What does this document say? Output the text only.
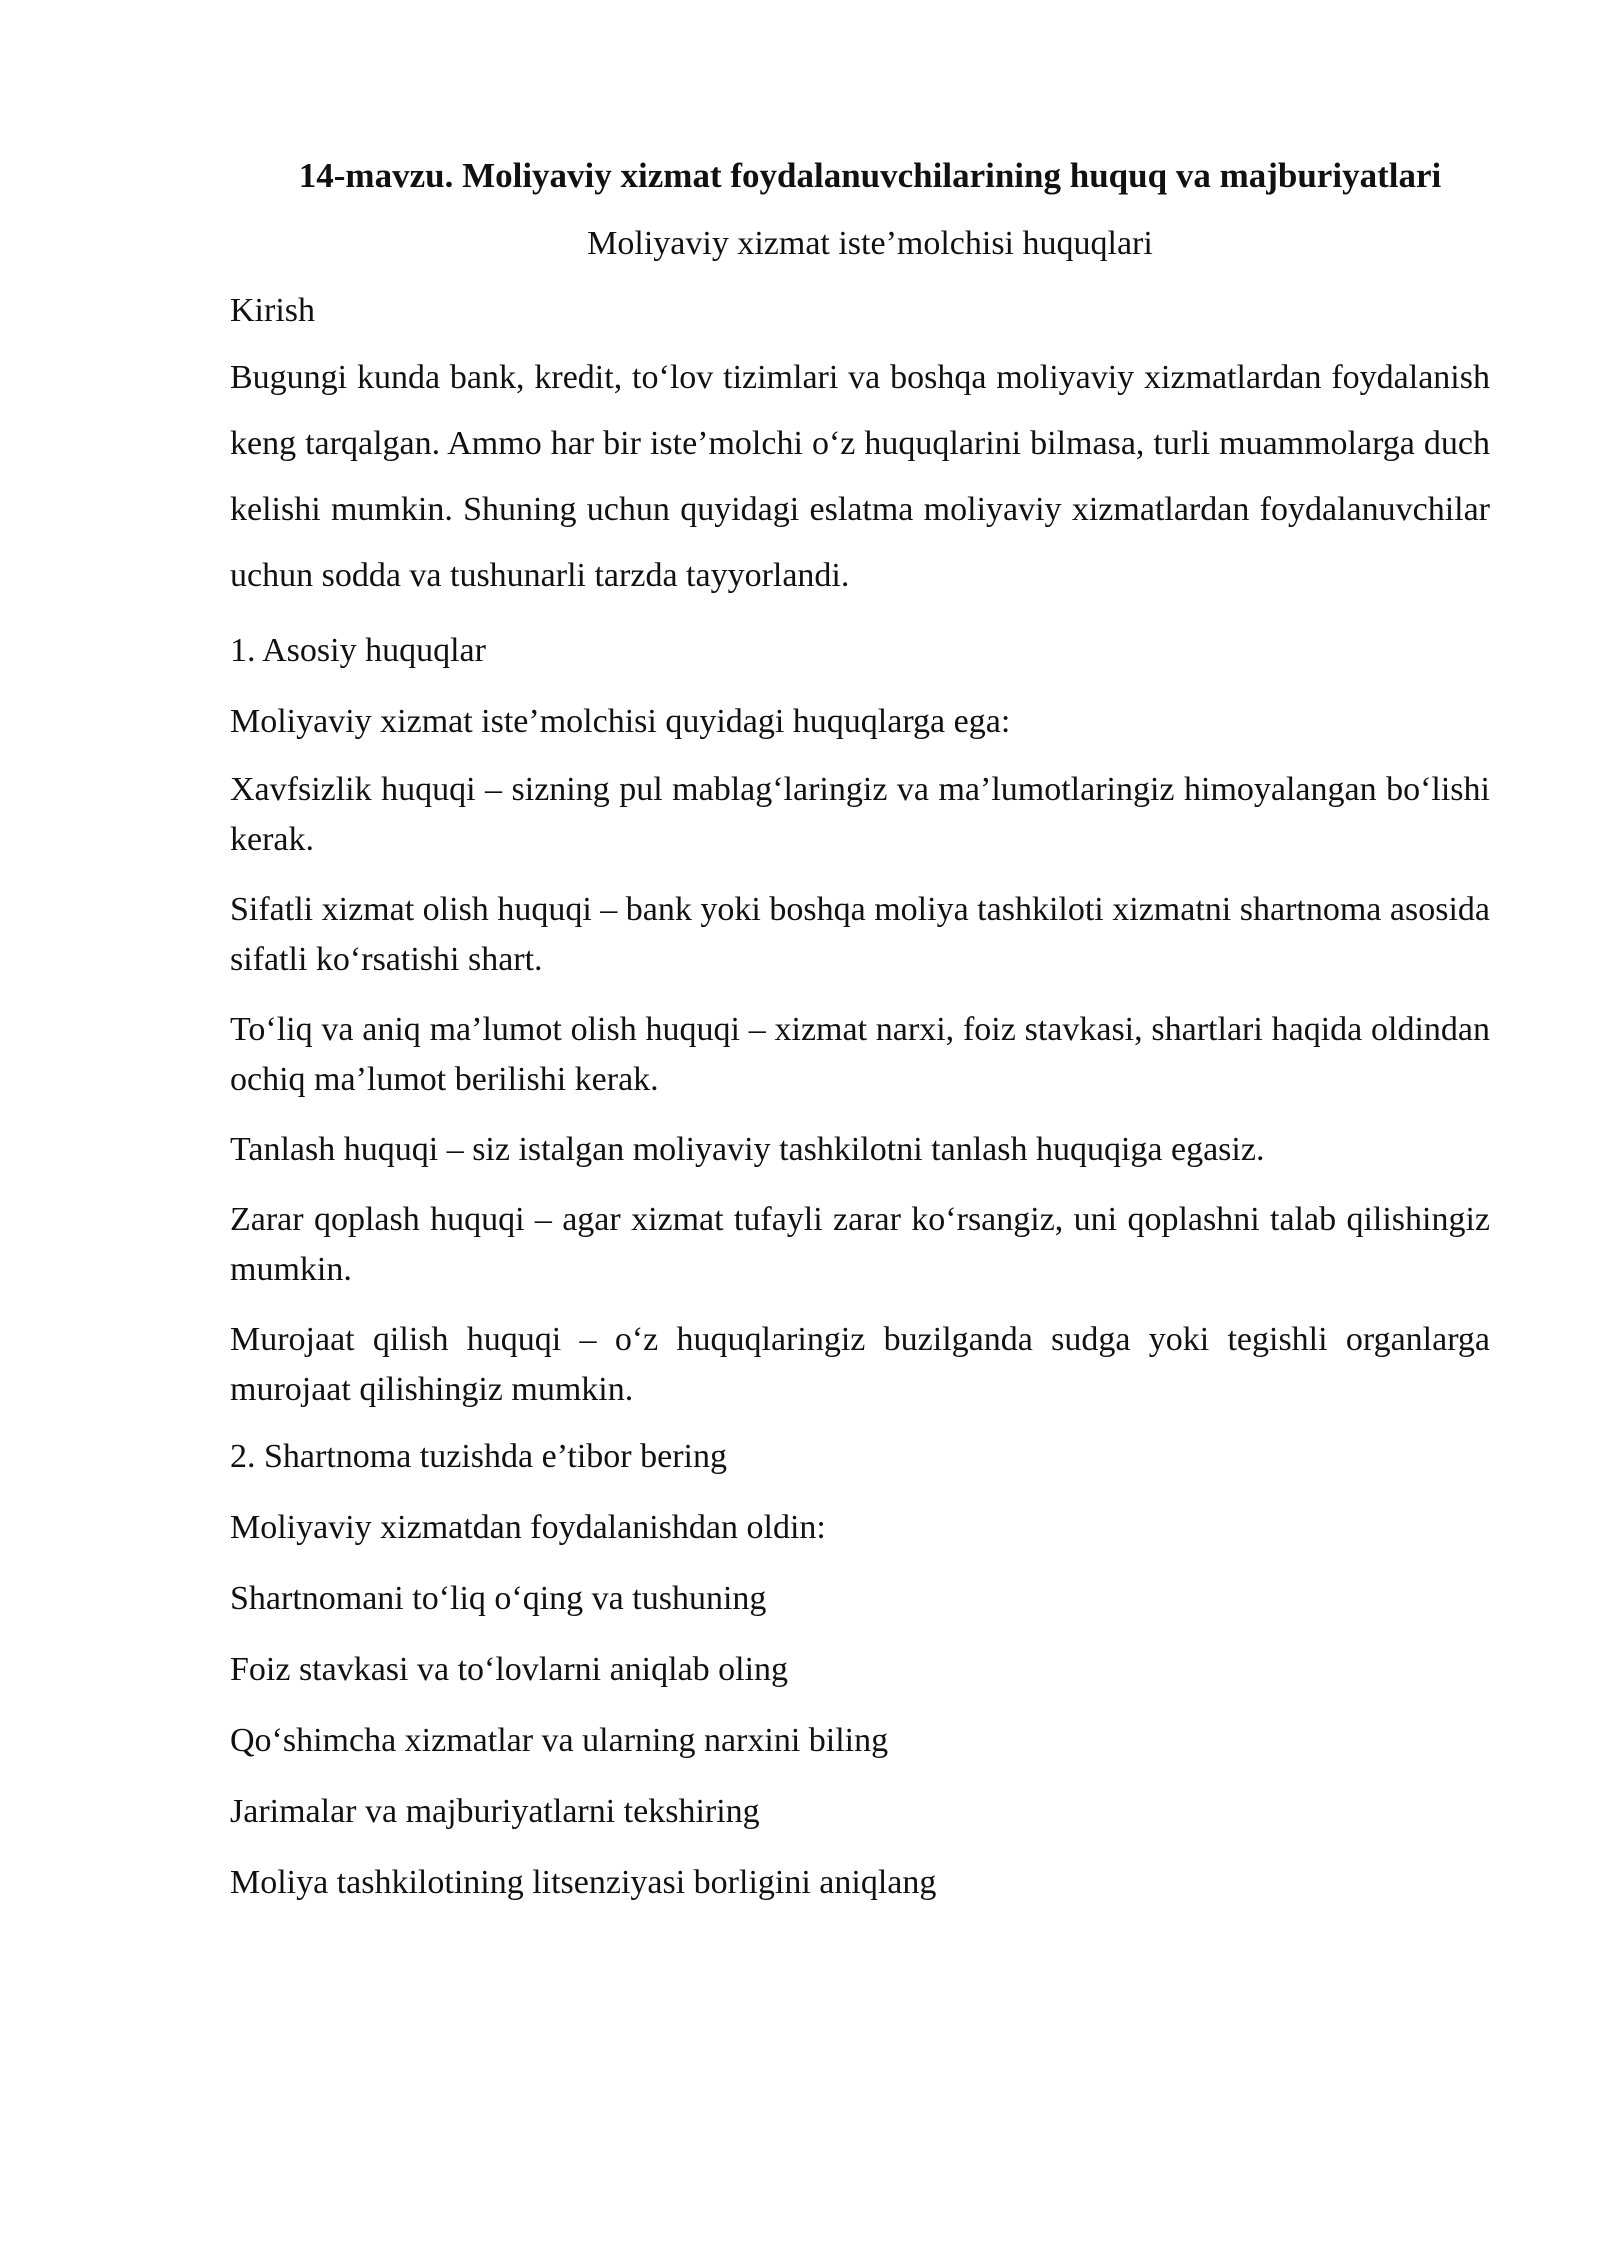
14-mavzu. Moliyaviy xizmat foydalanuvchilarining huquq va majburiyatlari

Moliyaviy xizmat iste’molchisi huquqlari

Kirish

Bugungi kunda bank, kredit, to‘lov tizimlari va boshqa moliyaviy xizmatlardan foydalanish keng tarqalgan. Ammo har bir iste’molchi o‘z huquqlarini bilmasa, turli muammolarga duch kelishi mumkin. Shuning uchun quyidagi eslatma moliyaviy xizmatlardan foydalanuvchilar uchun sodda va tushunarli tarzda tayyorlandi.

1. Asosiy huquqlar

Moliyaviy xizmat iste’molchisi quyidagi huquqlarga ega:

Xavfsizlik huquqi – sizning pul mablag‘laringiz va ma’lumotlaringiz himoyalangan bo‘lishi kerak.

Sifatli xizmat olish huquqi – bank yoki boshqa moliya tashkiloti xizmatni shartnoma asosida sifatli ko‘rsatishi shart.

To‘liq va aniq ma’lumot olish huquqi – xizmat narxi, foiz stavkasi, shartlari haqida oldindan ochiq ma’lumot berilishi kerak.

Tanlash huquqi – siz istalgan moliyaviy tashkilotni tanlash huquqiga egasiz.

Zarar qoplash huquqi – agar xizmat tufayli zarar ko‘rsangiz, uni qoplashni talab qilishingiz mumkin.

Murojaat qilish huquqi – o‘z huquqlaringiz buzilganda sudga yoki tegishli organlarga murojaat qilishingiz mumkin.

2. Shartnoma tuzishda e’tibor bering

Moliyaviy xizmatdan foydalanishdan oldin:

Shartnomani to‘liq o‘qing va tushuning

Foiz stavkasi va to‘lovlarni aniqlab oling

Qo‘shimcha xizmatlar va ularning narxini biling

Jarimalar va majburiyatlarni tekshiring

Moliya tashkilotining litsenziyasi borligini aniqlang
